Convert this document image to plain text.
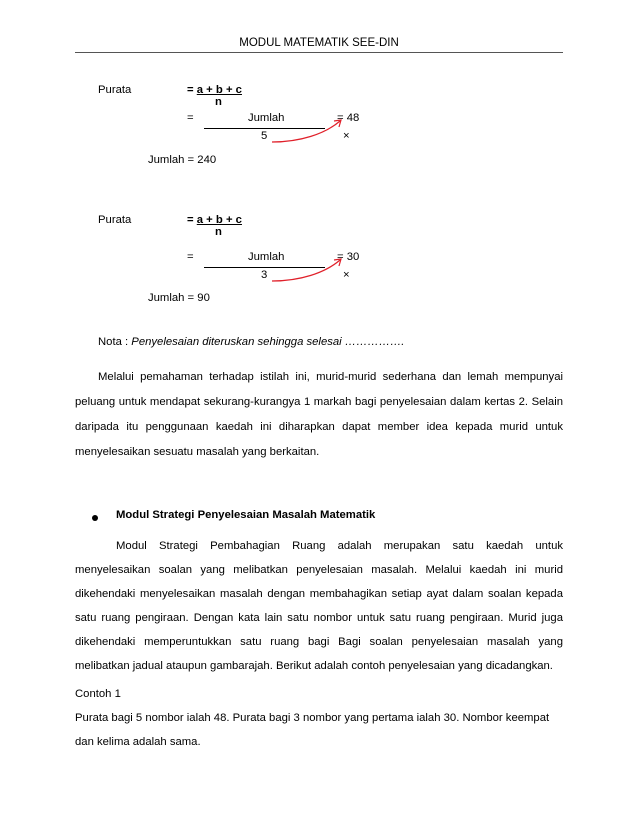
MODUL MATEMATIK SEE-DIN
Purata	= a + b + c
n
=	Jumlah	= 48
5	×
Jumlah = 240
Purata	= a + b + c
n
=	Jumlah	= 30
3	×
Jumlah = 90
Nota : Penyelesaian diteruskan sehingga selesai …………….
Melalui pemahaman terhadap istilah ini, murid-murid sederhana dan lemah mempunyai
peluang untuk mendapat sekurang-kurangya 1 markah bagi penyelesaian dalam kertas 2. Selain
daripada itu penggunaan kaedah ini diharapkan dapat member idea kepada murid untuk
menyelesaikan sesuatu masalah yang berkaitan.
Modul Strategi Penyelesaian Masalah Matematik
Modul Strategi Pembahagian Ruang adalah merupakan satu kaedah untuk
menyelesaikan soalan yang melibatkan penyelesaian masalah. Melalui kaedah ini murid
dikehendaki menyelesaikan masalah dengan membahagikan setiap ayat dalam soalan kepada
satu ruang pengiraan. Dengan kata lain satu nombor untuk satu ruang pengiraan. Murid juga
dikehendaki memperuntukkan satu ruang bagi Bagi soalan penyelesaian masalah yang
melibatkan jadual ataupun gambarajah. Berikut adalah contoh penyelesaian yang dicadangkan.
Contoh 1
Purata bagi 5 nombor ialah 48. Purata bagi 3 nombor yang pertama ialah 30. Nombor keempat
dan kelima adalah sama.
